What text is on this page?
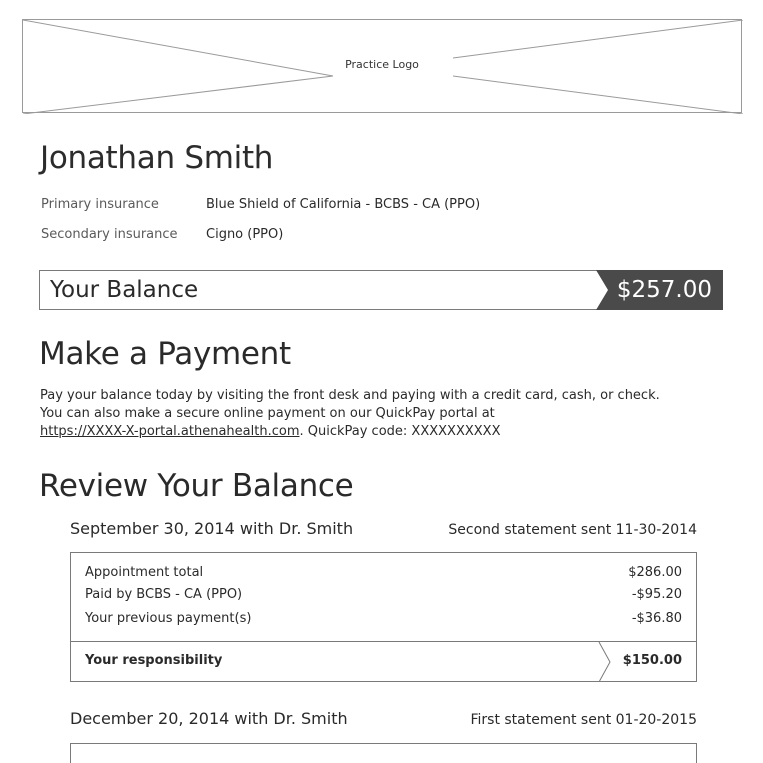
Practice Logo
Jonathan Smith
Primary insurance	Blue Shield of California - BCBS - CA (PPO)
Secondary insurance Cigno (PPO)
Your Balance	$257.00
Make a Payment

Pay your balance today by visiting the front desk and paying with a credit card, cash, or check.

You can also make a secure online payment on our QuickPay portal at

https://XXXX-X-portal.athenahealth.com. QuickPay code: XXXXXXXXXX

Review Your Balance
September 30, 2014 with Dr. Smith	Second statement sent 11-30-2014
Appointment total	$286.00
Paid by BCBS - CA (PPO)	-$95.20
Your previous payment(s)	-$36.80
Your responsibility	$150.00
December 20, 2014 with Dr. Smith	First statement sent 01-20-2015
